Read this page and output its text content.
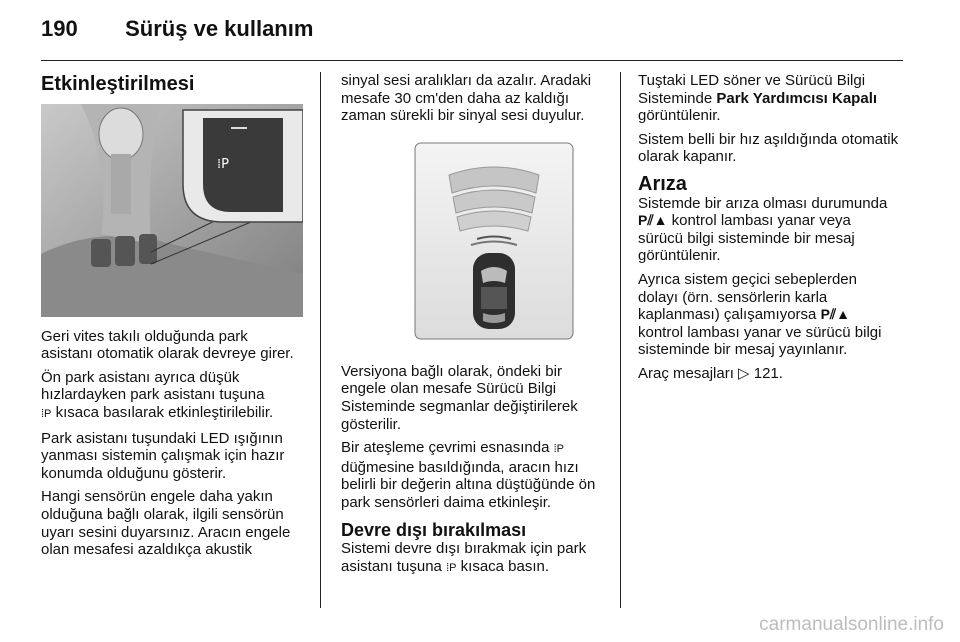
190 Sürüş ve kullanım
Etkinleştirilmesi
⁞P

Geri vites takılı olduğunda park asistanı otomatik olarak devreye girer.

Ön park asistanı ayrıca düşük hızlardayken park asistanı tuşuna
⁞P kısaca basılarak etkinleştirilebilir.

Park asistanı tuşundaki LED ışığının yanması sistemin çalışmak için hazır konumda olduğunu gösterir.

Hangi sensörün engele daha yakın olduğuna bağlı olarak, ilgili sensörün uyarı sesini duyarsınız. Aracın engele olan mesafesi azaldıkça akustik

sinyal sesi aralıkları da azalır. Aradaki mesafe 30 cm'den daha az kaldığı zaman sürekli bir sinyal sesi duyulur.

Versiyona bağlı olarak, öndeki bir engele olan mesafe Sürücü Bilgi Sisteminde segmanlar değiştirilerek gösterilir.

Bir ateşleme çevrimi esnasında ⁞P
düğmesine basıldığında, aracın hızı belirli bir değerin altına düştüğünde ön park sensörleri daima etkinleşir.

Devre dışı bırakılması

Sistemi devre dışı bırakmak için park asistanı tuşuna ⁞P kısaca basın.

Tuştaki LED söner ve Sürücü Bilgi Sisteminde Park Yardımcısı Kapalı
görüntülenir.

Sistem belli bir hız aşıldığında otomatik olarak kapanır.

Arıza

Sistemde bir arıza olması durumunda
P⫽▲ kontrol lambası yanar veya sürücü bilgi sisteminde bir mesaj görüntülenir.

Ayrıca sistem geçici sebeplerden dolayı (örn. sensörlerin karla kaplanması) çalışamıyorsa P⫽▲
kontrol lambası yanar ve sürücü bilgi sisteminde bir mesaj yayınlanır.

Araç mesajları ▷ 121.

carmanualsonline.info
